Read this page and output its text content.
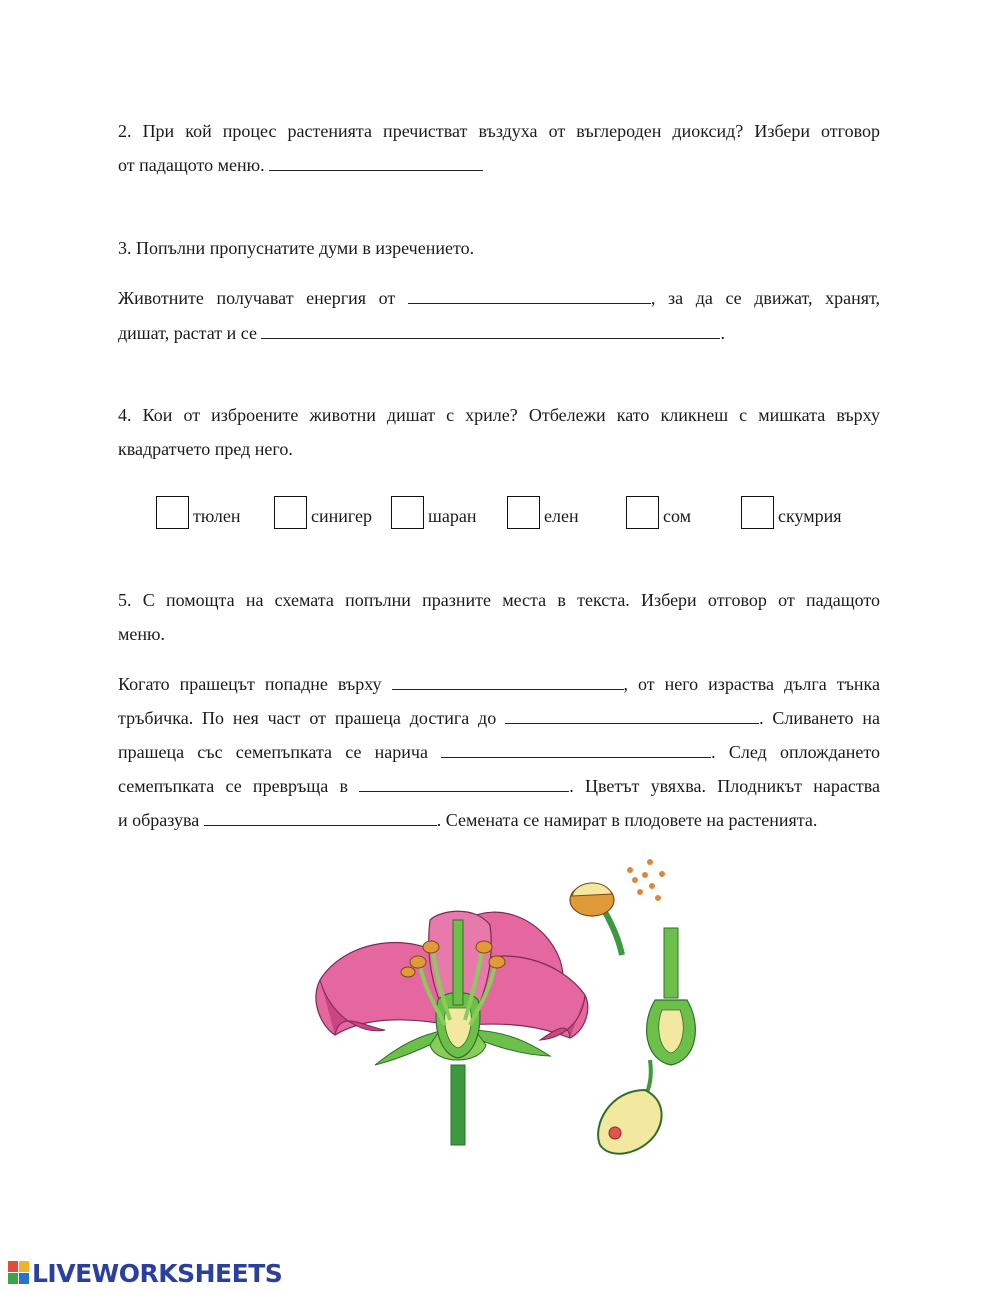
2. При кой процес растенията пречистват въздуха от въглероден диоксид? Избери отговор
от падащото меню.
3. Попълни пропуснатите думи в изречението.
Животните получават енергия от	, за да се движат, хранят,
дишат, растат и се	.
4. Кои от изброените животни дишат с хриле? Отбележи като кликнеш с мишката върху
квадратчето пред него.
тюлен	синигер	шаран	елен	сом	скумрия
5. С помощта на схемата попълни празните места в текста. Избери отговор от падащото
меню.
Когато прашецът попадне върху	, от него израства дълга тънка
тръбичка. По нея част от прашеца достига до	. Сливането на
прашеца със семепъпката се нарича	. След оплождането
семепъпката се превръща в	. Цветът увяхва. Плодникът нараства
и образува	. Семената се намират в плодовете на растенията.
LIVEWORKSHEETS
